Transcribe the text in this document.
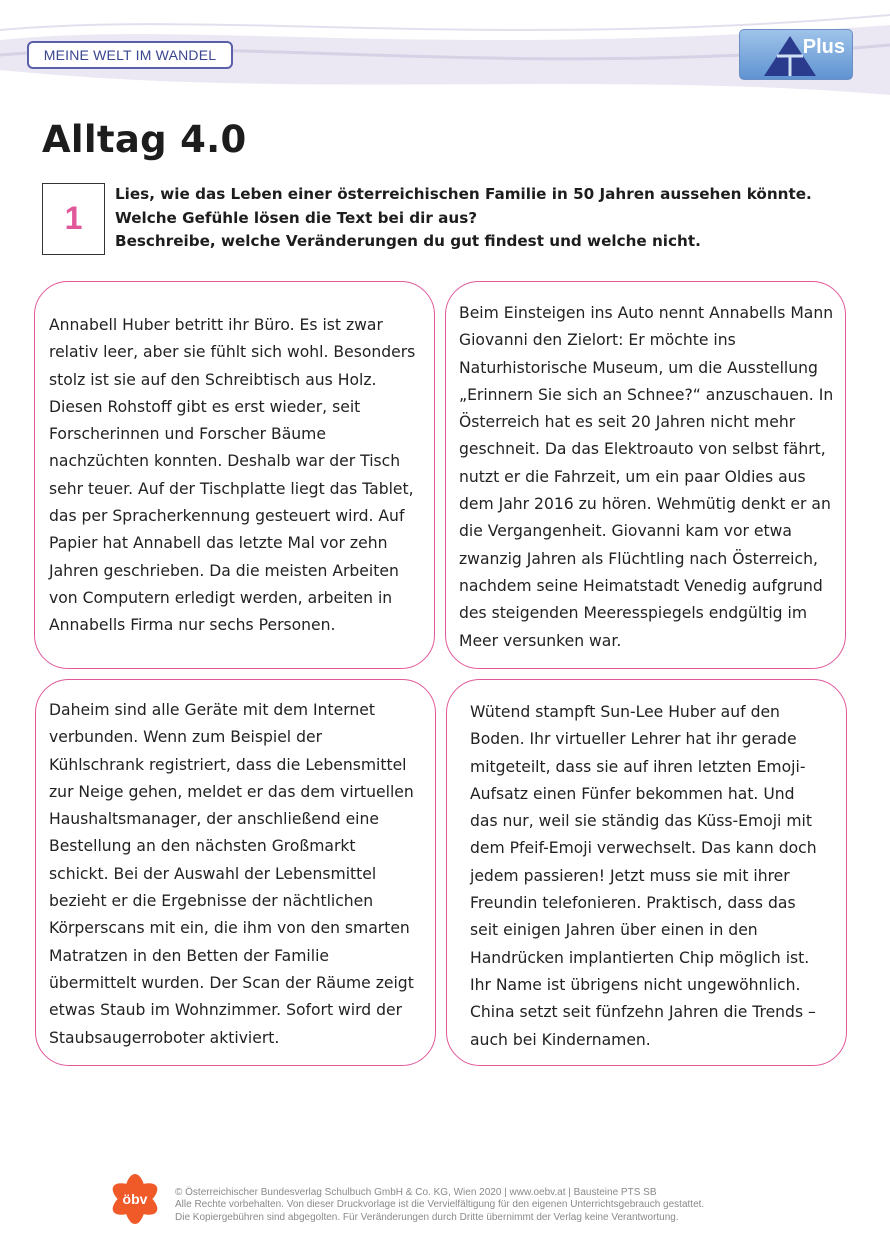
MEINE WELT IM WANDEL	Plus
Alltag 4.0
1
Lies, wie das Leben einer österreichischen Familie in 50 Jahren aussehen könnte.
Welche Gefühle lösen die Text bei dir aus?
Beschreibe, welche Veränderungen du gut findest und welche nicht.

Annabell Huber betritt ihr Büro. Es ist zwar
relativ leer, aber sie fühlt sich wohl. Besonders
stolz ist sie auf den Schreibtisch aus Holz.
Diesen Rohstoff gibt es erst wieder, seit
Forscherinnen und Forscher Bäume
nachzüchten konnten. Deshalb war der Tisch
sehr teuer. Auf der Tischplatte liegt das Tablet,
das per Spracherkennung gesteuert wird. Auf
Papier hat Annabell das letzte Mal vor zehn
Jahren geschrieben. Da die meisten Arbeiten
von Computern erledigt werden, arbeiten in
Annabells Firma nur sechs Personen.

Beim Einsteigen ins Auto nennt Annabells Mann
Giovanni den Zielort: Er möchte ins
Naturhistorische Museum, um die Ausstellung
„Erinnern Sie sich an Schnee?“ anzuschauen. In
Österreich hat es seit 20 Jahren nicht mehr
geschneit. Da das Elektroauto von selbst fährt,
nutzt er die Fahrzeit, um ein paar Oldies aus
dem Jahr 2016 zu hören. Wehmütig denkt er an
die Vergangenheit. Giovanni kam vor etwa
zwanzig Jahren als Flüchtling nach Österreich,
nachdem seine Heimatstadt Venedig aufgrund
des steigenden Meeresspiegels endgültig im
Meer versunken war.

Daheim sind alle Geräte mit dem Internet
verbunden. Wenn zum Beispiel der
Kühlschrank registriert, dass die Lebensmittel
zur Neige gehen, meldet er das dem virtuellen
Haushaltsmanager, der anschließend eine
Bestellung an den nächsten Großmarkt
schickt. Bei der Auswahl der Lebensmittel
bezieht er die Ergebnisse der nächtlichen
Körperscans mit ein, die ihm von den smarten
Matratzen in den Betten der Familie
übermittelt wurden. Der Scan der Räume zeigt
etwas Staub im Wohnzimmer. Sofort wird der
Staubsaugerroboter aktiviert.

Wütend stampft Sun-Lee Huber auf den
Boden. Ihr virtueller Lehrer hat ihr gerade
mitgeteilt, dass sie auf ihren letzten Emoji-
Aufsatz einen Fünfer bekommen hat. Und
das nur, weil sie ständig das Küss-Emoji mit
dem Pfeif-Emoji verwechselt. Das kann doch
jedem passieren! Jetzt muss sie mit ihrer
Freundin telefonieren. Praktisch, dass das
seit einigen Jahren über einen in den
Handrücken implantierten Chip möglich ist.
Ihr Name ist übrigens nicht ungewöhnlich.
China setzt seit fünfzehn Jahren die Trends –
auch bei Kindernamen.

öbv	© Österreichischer Bundesverlag Schulbuch GmbH & Co. KG, Wien 2020 | www.oebv.at | Bausteine PTS SB
Alle Rechte vorbehalten. Von dieser Druckvorlage ist die Vervielfältigung für den eigenen Unterrichtsgebrauch gestattet.
Die Kopiergebühren sind abgegolten. Für Veränderungen durch Dritte übernimmt der Verlag keine Verantwortung.
